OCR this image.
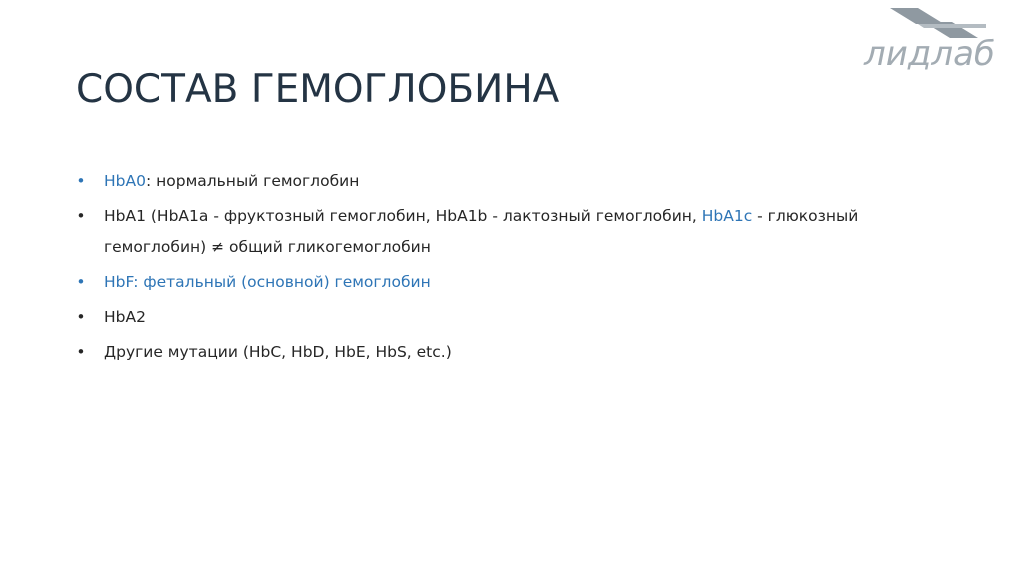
лидлаб
СОСТАВ ГЕМОГЛОБИНА
• HbA0: нормальный гемоглобин
• HbA1 (HbA1a - фруктозный гемоглобин, HbA1b - лактозный гемоглобин, HbA1c - глюкозный гемоглобин) ≠ общий гликогемоглобин
• HbF: фетальный (основной) гемоглобин
• HbA2
• Другие мутации (HbC, HbD, HbE, HbS, etc.)
